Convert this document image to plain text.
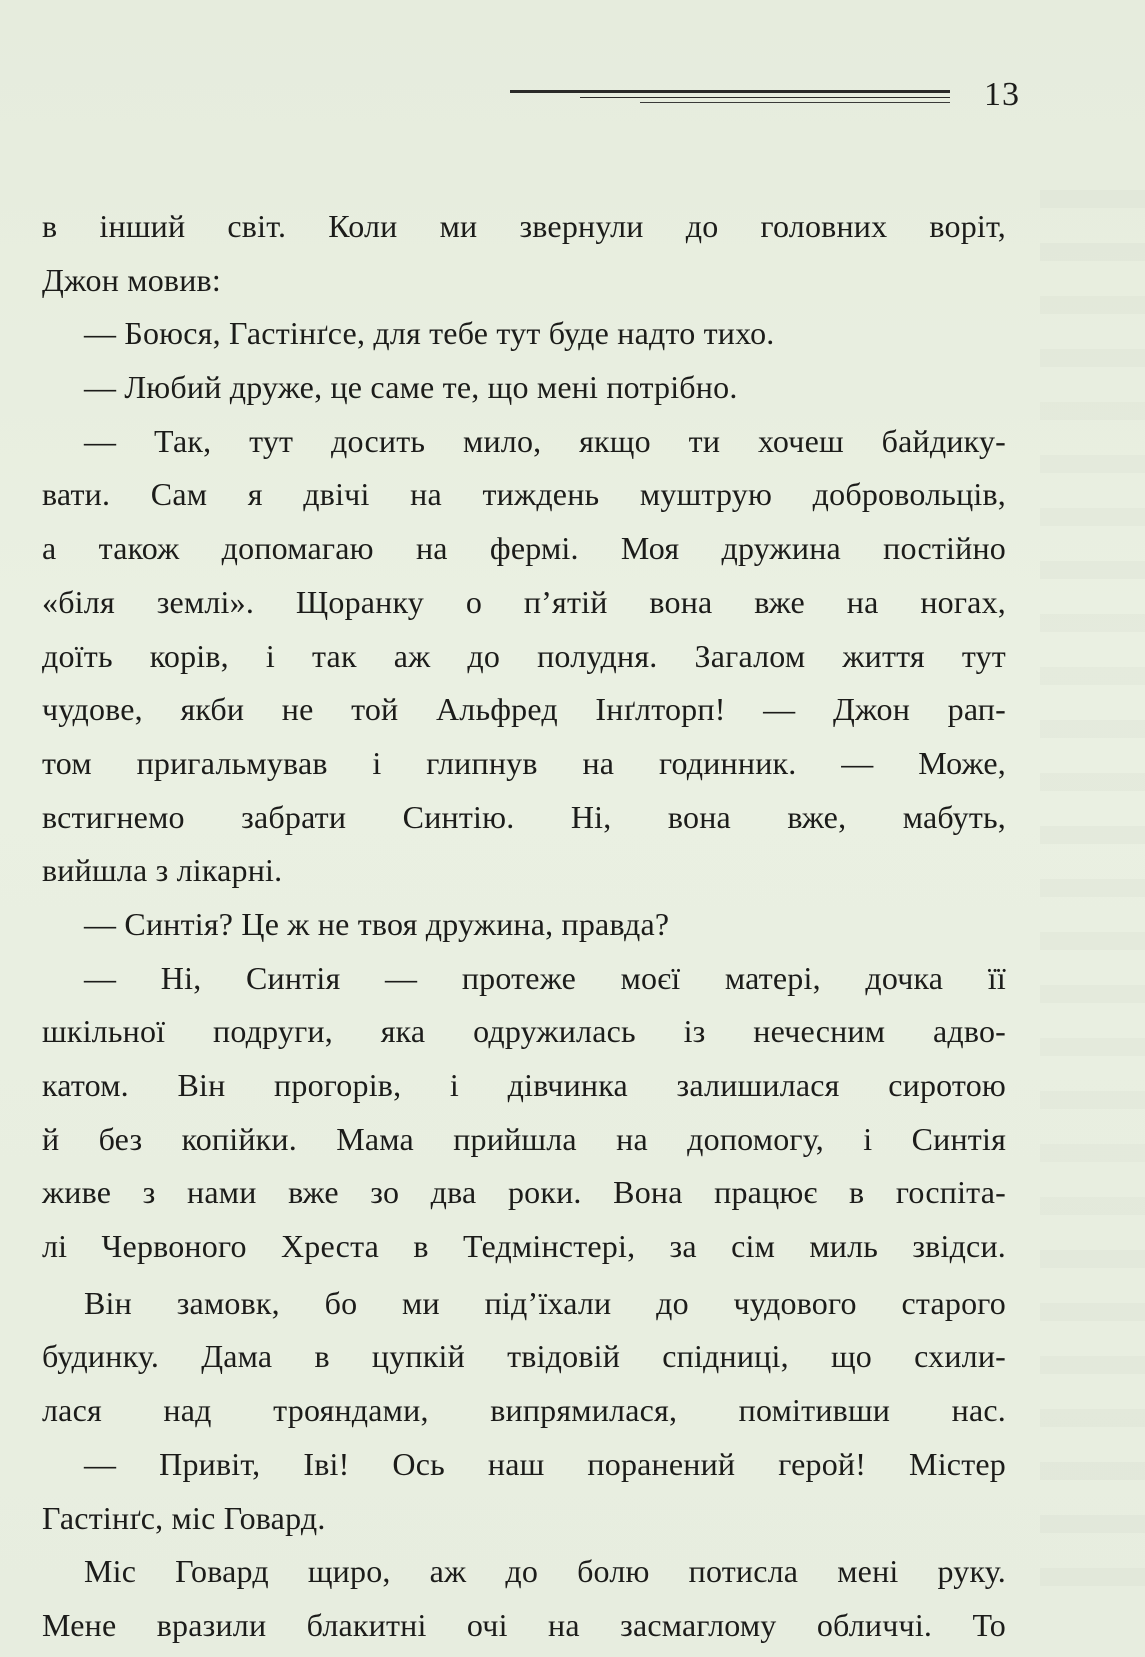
13
в інший світ. Коли ми звернули до головних воріт,
Джон мовив:
— Боюся, Гастінґсе, для тебе тут буде надто тихо.
— Любий друже, це саме те, що мені потрібно.
— Так, тут досить мило, якщо ти хочеш байдику-
вати. Сам я двічі на тиждень муштрую добровольців,
а також допомагаю на фермі. Моя дружина постійно
«біля землі». Щоранку о п’ятій вона вже на ногах,
доїть корів, і так аж до полудня. Загалом життя тут
чудове, якби не той Альфред Інґлторп! — Джон рап-
том пригальмував і глипнув на годинник. — Може,
встигнемо забрати Синтію. Ні, вона вже, мабуть,
вийшла з лікарні.
— Синтія? Це ж не твоя дружина, правда?
— Ні, Синтія — протеже моєї матері, дочка її
шкільної подруги, яка одружилась із нечесним адво-
катом. Він прогорів, і дівчинка залишилася сиротою
й без копійки. Мама прийшла на допомогу, і Синтія
живе з нами вже зо два роки. Вона працює в госпіта-
лі Червоного Хреста в Тедмінстері, за сім миль звідси.
Він замовк, бо ми під’їхали до чудового старого
будинку. Дама в цупкій твідовій спідниці, що схили-
лася над трояндами, випрямилася, помітивши нас.
— Привіт, Іві! Ось наш поранений герой! Містер
Гастінґс, міс Говард.
Міс Говард щиро, аж до болю потисла мені руку.
Мене вразили блакитні очі на засмаглому обличчі. То
